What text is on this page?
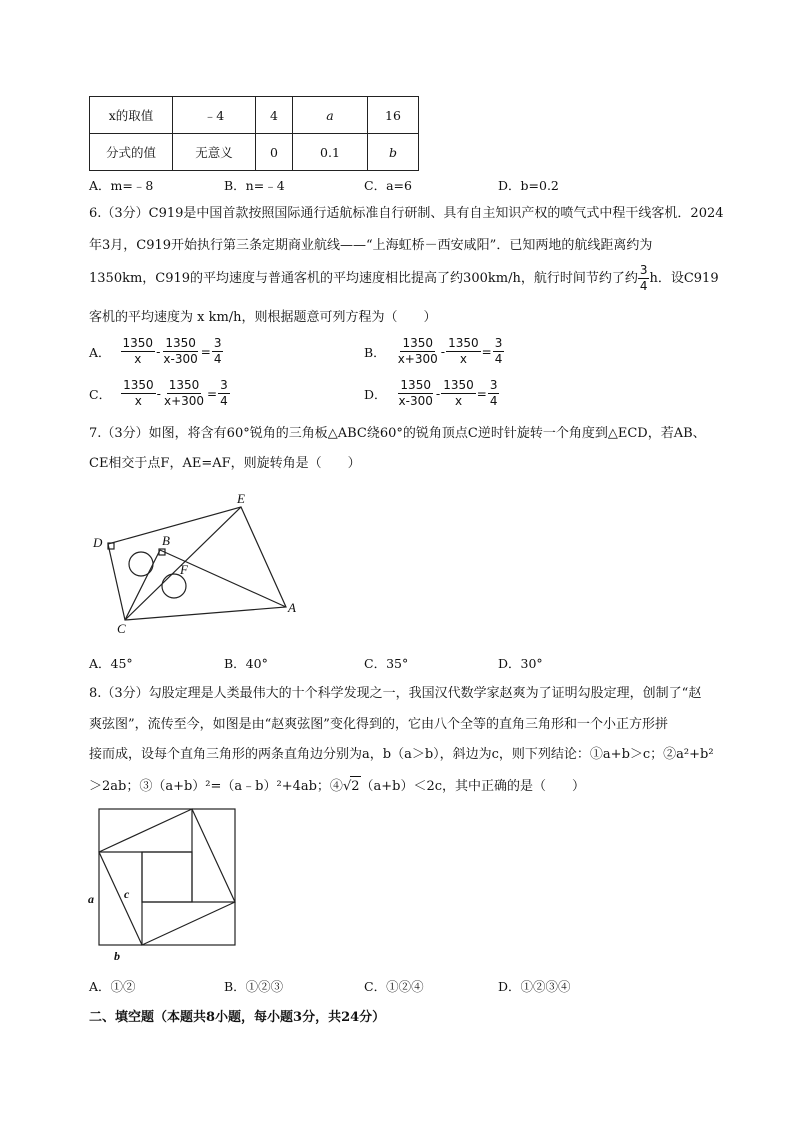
x的取值	﹣4	4	a	16
分式的值	无意义	0	0.1	b
A．m=﹣8	B．n=﹣4	C．a=6	D．b=0.2
6.（3分）C919是中国首款按照国际通行适航标准自行研制、具有自主知识产权的喷气式中程干线客机．2024
年3月，C919开始执行第三条定期商业航线——“上海虹桥－西安咸阳”．已知两地的航线距离约为
1350km，C919的平均速度与普通客机的平均速度相比提高了约300km/h，航行时间节约了约 $\frac{3}{4}$ h．设C919
客机的平均速度为 x km/h，则根据题意可列方程为（　　）
A． $\frac{1350}{x} - \frac{1350}{x-300} = \frac{3}{4}$	B． $\frac{1350}{x+300} - \frac{1350}{x} = \frac{3}{4}$
C． $\frac{1350}{x} - \frac{1350}{x+300} = \frac{3}{4}$	D． $\frac{1350}{x-300} - \frac{1350}{x} = \frac{3}{4}$
7.（3分）如图，将含有60°锐角的三角板△ABC绕60°的锐角顶点C逆时针旋转一个角度到△ECD，若AB、
CE相交于点F，AE=AF，则旋转角是（　　）
D	B
E
F
A
C
A．45°	B．40°	C．35°	D．30°
8.（3分）勾股定理是人类最伟大的十个科学发现之一，我国汉代数学家赵爽为了证明勾股定理，创制了“赵
爽弦图”，流传至今，如图是由“赵爽弦图”变化得到的，它由八个全等的直角三角形和一个小正方形拼
接而成，设每个直角三角形的两条直角边分别为a，b（a＞b），斜边为c，则下列结论：①a+b＞c；②a²+b²
＞2ab；③（a+b）²=（a﹣b）²+4ab；④√2（a+b）＜2c，其中正确的是（　　）
a
b
c
A．①②	B．①②③	C．①②④	D．①②③④
二、填空题（本题共8小题，每小题3分，共24分）
